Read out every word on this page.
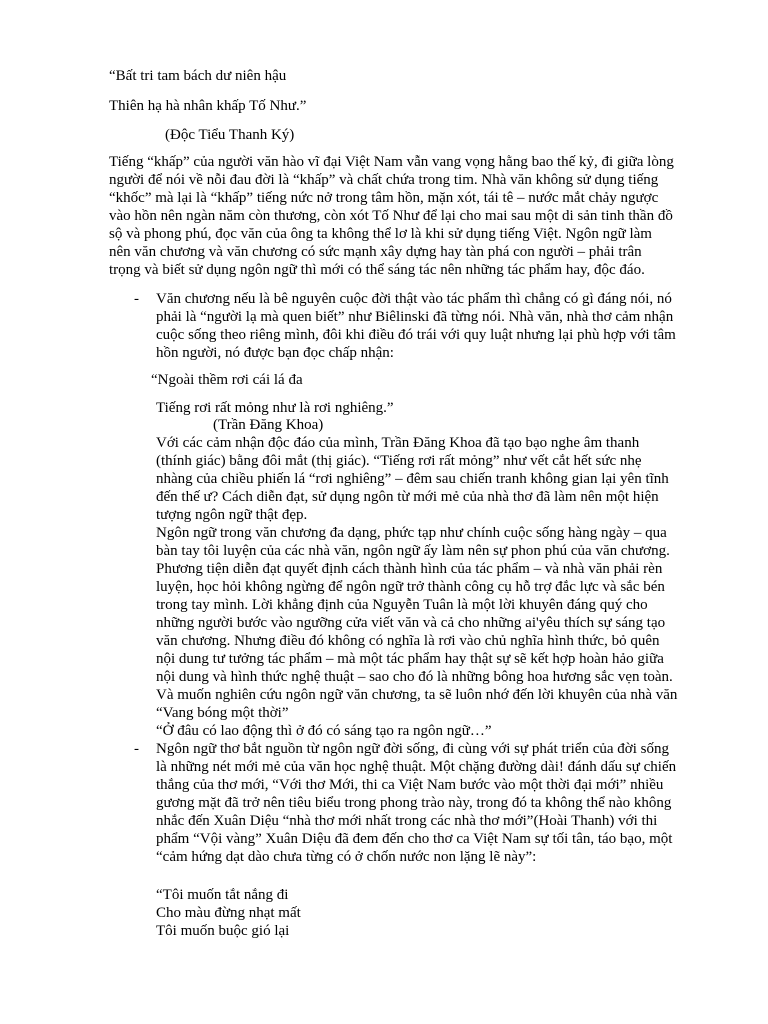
“Bất tri tam bách dư niên hậu
Thiên hạ hà nhân khấp Tố Như.”
(Độc Tiểu Thanh Ký)
Tiếng “khấp” của người văn hào vĩ đại Việt Nam vẫn vang vọng hằng bao thế kỷ, đi giữa lòng
người để nói về nỗi đau đời là “khấp” và chất chứa trong tim. Nhà văn không sử dụng tiếng
“khốc” mà lại là “khấp” tiếng nức nở trong tâm hồn, mặn xót, tái tê – nước mắt chảy ngược
vào hồn nên ngàn năm còn thương, còn xót Tố Như để lại cho mai sau một di sản tinh thần đồ
sộ và phong phú, đọc văn của ông ta không thể lơ là khi sử dụng tiếng Việt. Ngôn ngữ làm
nên văn chương và văn chương có sức mạnh xây dựng hay tàn phá con người – phải trân
trọng và biết sử dụng ngôn ngữ thì mới có thể sáng tác nên những tác phẩm hay, độc đáo.
- Văn chương nếu là bê nguyên cuộc đời thật vào tác phẩm thì chẳng có gì đáng nói, nó
phải là “người lạ mà quen biết” như Biêlinski đã từng nói. Nhà văn, nhà thơ cảm nhận
cuộc sống theo riêng mình, đôi khi điều đó trái với quy luật nhưng lại phù hợp với tâm
hồn người, nó được bạn đọc chấp nhận:
“Ngoài thềm rơi cái lá đa
Tiếng rơi rất mỏng như là rơi nghiêng.”
(Trần Đăng Khoa)
Với các cảm nhận độc đáo của mình, Trần Đăng Khoa đã tạo bạo nghe âm thanh
(thính giác) bằng đôi mắt (thị giác). “Tiếng rơi rất mỏng” như vết cắt hết sức nhẹ
nhàng của chiều phiến lá “rơi nghiêng” – đêm sau chiến tranh không gian lại yên tĩnh
đến thế ư? Cách diễn đạt, sử dụng ngôn từ mới mẻ của nhà thơ đã làm nên một hiện
tượng ngôn ngữ thật đẹp.
Ngôn ngữ trong văn chương đa dạng, phức tạp như chính cuộc sống hàng ngày – qua
bàn tay tôi luyện của các nhà văn, ngôn ngữ ấy làm nên sự phon phú của văn chương.
Phương tiện diễn đạt quyết định cách thành hình của tác phẩm – và nhà văn phải rèn
luyện, học hỏi không ngừng để ngôn ngữ trở thành công cụ hỗ trợ đắc lực và sắc bén
trong tay mình. Lời khẳng định của Nguyễn Tuân là một lời khuyên đáng quý cho
những người bước vào ngưỡng cửa viết văn và cả cho những ai'yêu thích sự sáng tạo
văn chương. Nhưng điều đó không có nghĩa là rơi vào chủ nghĩa hình thức, bỏ quên
nội dung tư tưởng tác phẩm – mà một tác phẩm hay thật sự sẽ kết hợp hoàn hảo giữa
nội dung và hình thức nghệ thuật – sao cho đó là những bông hoa hương sắc vẹn toàn.
Và muốn nghiên cứu ngôn ngữ văn chương, ta sẽ luôn nhớ đến lời khuyên của nhà văn
“Vang bóng một thời”
“Ở đâu có lao động thì ở đó có sáng tạo ra ngôn ngữ…”
- Ngôn ngữ thơ bắt nguồn từ ngôn ngữ đời sống, đi cùng với sự phát triển của đời sống
là những nét mới mẻ của văn học nghệ thuật. Một chặng đường dài! đánh dấu sự chiến
thắng của thơ mới, “Với thơ Mới, thi ca Việt Nam bước vào một thời đại mới” nhiều
gương mặt đã trở nên tiêu biểu trong phong trào này, trong đó ta không thể nào không
nhắc đến Xuân Diệu “nhà thơ mới nhất trong các nhà thơ mới”(Hoài Thanh) với thi
phẩm “Vội vàng” Xuân Diệu đã đem đến cho thơ ca Việt Nam sự tối tân, táo bạo, một
“cảm hứng dạt dào chưa từng có ở chốn nước non lặng lẽ này”:
“Tôi muốn tắt nắng đi
Cho màu đừng nhạt mất
Tôi muốn buộc gió lại
